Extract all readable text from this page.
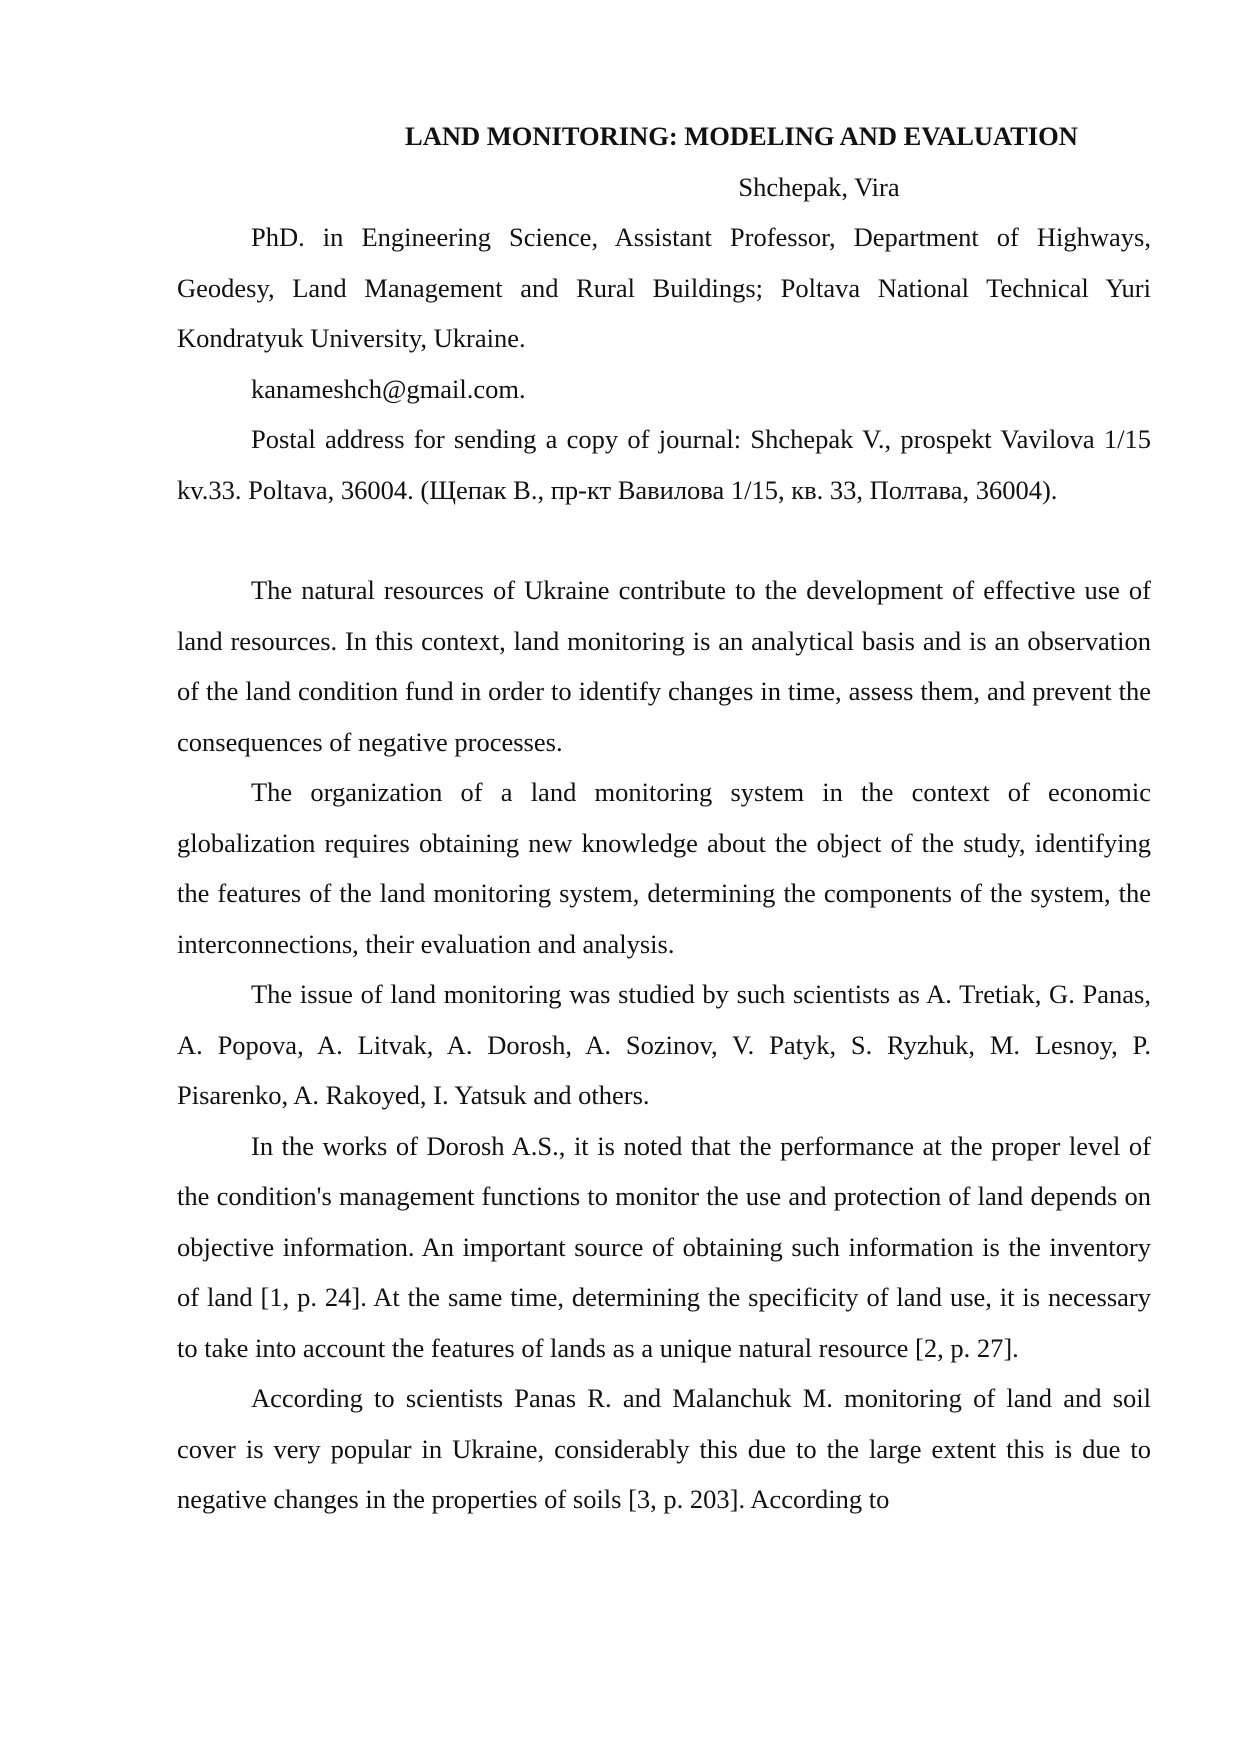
LAND MONITORING: MODELING AND EVALUATION
Shchepak, Vira

PhD. in Engineering Science, Assistant Professor, Department of Highways, Geodesy, Land Management and Rural Buildings; Poltava National Technical Yuri Kondratyuk University, Ukraine.

kanameshch@gmail.com.

Postal address for sending a copy of journal: Shchepak V., prospekt Vavilova 1/15 kv.33. Poltava, 36004. (Щепак В., пр-кт Вавилова 1/15, кв. 33, Полтава, 36004).

The natural resources of Ukraine contribute to the development of effective use of land resources. In this context, land monitoring is an analytical basis and is an observation of the land condition fund in order to identify changes in time, assess them, and prevent the consequences of negative processes.

The organization of a land monitoring system in the context of economic globalization requires obtaining new knowledge about the object of the study, identifying the features of the land monitoring system, determining the components of the system, the interconnections, their evaluation and analysis.

The issue of land monitoring was studied by such scientists as A. Tretiak, G. Panas, A. Popova, A. Litvak, A. Dorosh, A. Sozinov, V. Patyk, S. Ryzhuk, M. Lesnoy, P. Pisarenko, A. Rakoyed, I. Yatsuk and others.

In the works of Dorosh A.S., it is noted that the performance at the proper level of the condition's management functions to monitor the use and protection of land depends on objective information. An important source of obtaining such information is the inventory of land [1, p. 24]. At the same time, determining the specificity of land use, it is necessary to take into account the features of lands as a unique natural resource [2, p. 27].

According to scientists Panas R. and Malanchuk M. monitoring of land and soil cover is very popular in Ukraine, considerably this due to the large extent this is due to negative changes in the properties of soils [3, p. 203]. According to
